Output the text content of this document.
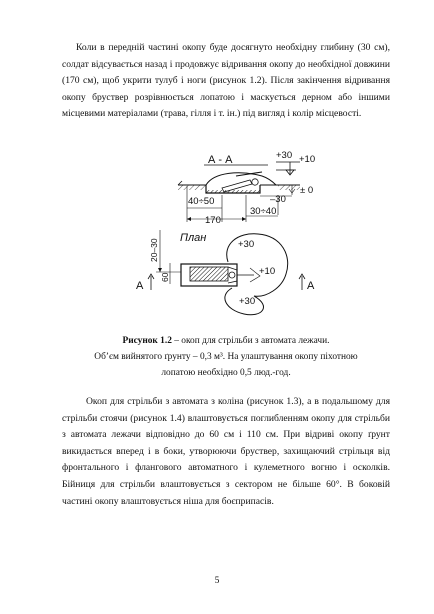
Коли в передній частині окопу буде досягнуто необхідну глибину (30 см), солдат відсувається назад і продовжує відривання окопу до необхідної довжини (170 см), щоб укрити тулуб і ноги (рисунок 1.2). Після закінчення відривання окопу бруствер розрівнюється лопатою і маскується дерном або іншими місцевими матеріалами (трава, гілля і т. ін.) під вигляд і колір місцевості.

А - А	+30 +10
± 0
–30
40÷50
30÷40
170
План
20–30
А	А
60
+30
+10
+30

Рисунок 1.2 – окоп для стрільби з автомата лежачи.

Об’єм вийнятого ґрунту – 0,3 м³. На улаштування окопу піхотною

лопатою необхідно 0,5 люд.-год.

Окоп для стрільби з автомата з коліна (рисунок 1.3), а в подальшому для стрільби стоячи (рисунок 1.4) влаштовується поглибленням окопу для стрільби з автомата лежачи відповідно до 60 см і 110 см. При відриві окопу ґрунт викидається вперед і в боки, утворюючи бруствер, захищаючий стрільця від фронтального і флангового автоматного і кулеметного вогню і осколків. Бійниця для стрільби влаштовується з сектором не більше 60°. В боковій частині окопу влаштовується ніша для боєприпасів.

5
